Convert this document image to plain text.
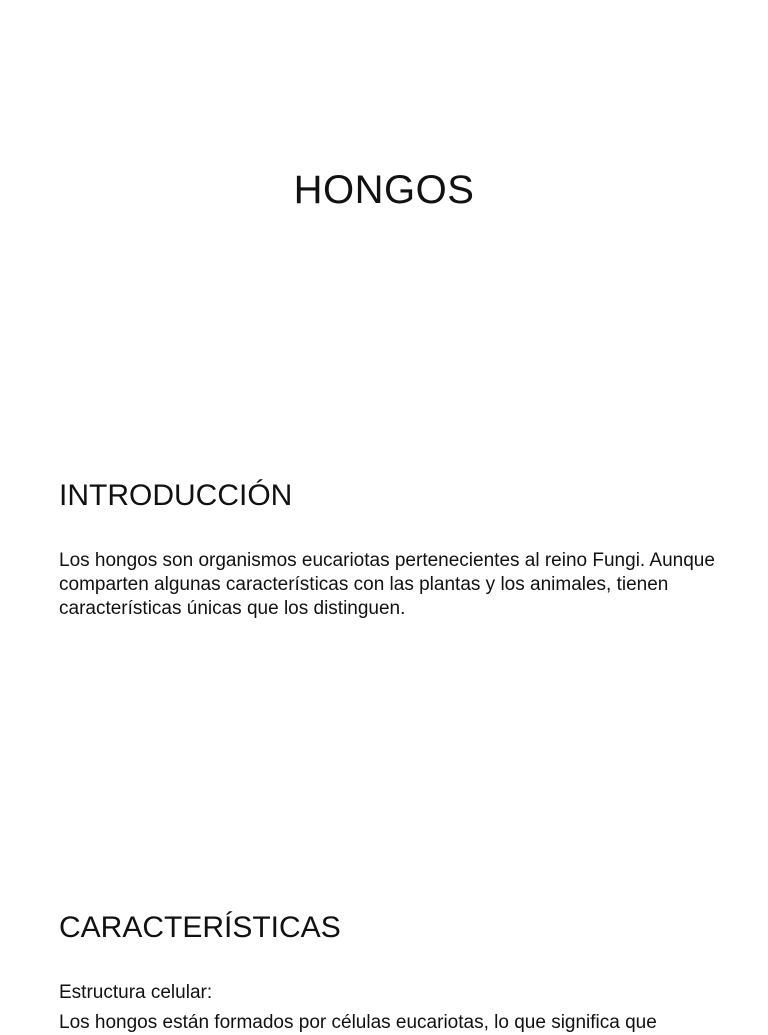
HONGOS
INTRODUCCIÓN

Los hongos son organismos eucariotas pertenecientes al reino Fungi. Aunque comparten algunas características con las plantas y los animales, tienen características únicas que los distinguen.

CARACTERÍSTICAS

Estructura celular:

Los hongos están formados por células eucariotas, lo que significa que
